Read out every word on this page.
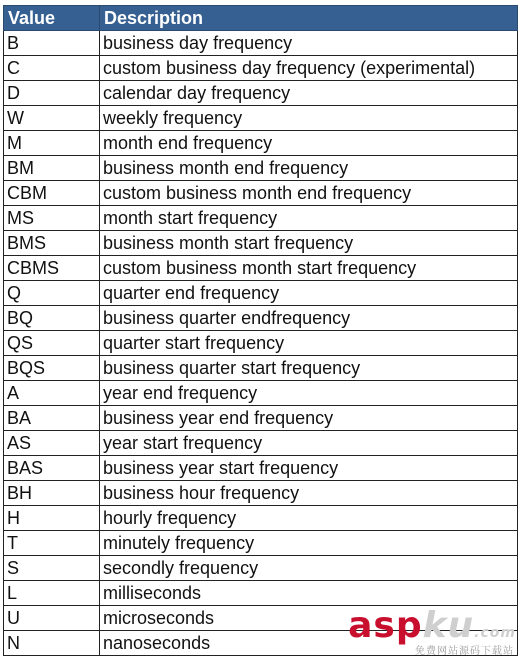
Value	Description
B	business day frequency
C	custom business day frequency (experimental)
D	calendar day frequency
W	weekly frequency
M	month end frequency
BM	business month end frequency
CBM	custom business month end frequency
MS	month start frequency
BMS	business month start frequency
CBMS	custom business month start frequency
Q	quarter end frequency
BQ	business quarter endfrequency
QS	quarter start frequency
BQS	business quarter start frequency
A	year end frequency
BA	business year end frequency
AS	year start frequency
BAS	business year start frequency
BH	business hour frequency
H	hourly frequency
T	minutely frequency
S	secondly frequency
L	milliseconds
U	microseconds
N	nanoseconds	aspku.com
免费网站源码下载站
